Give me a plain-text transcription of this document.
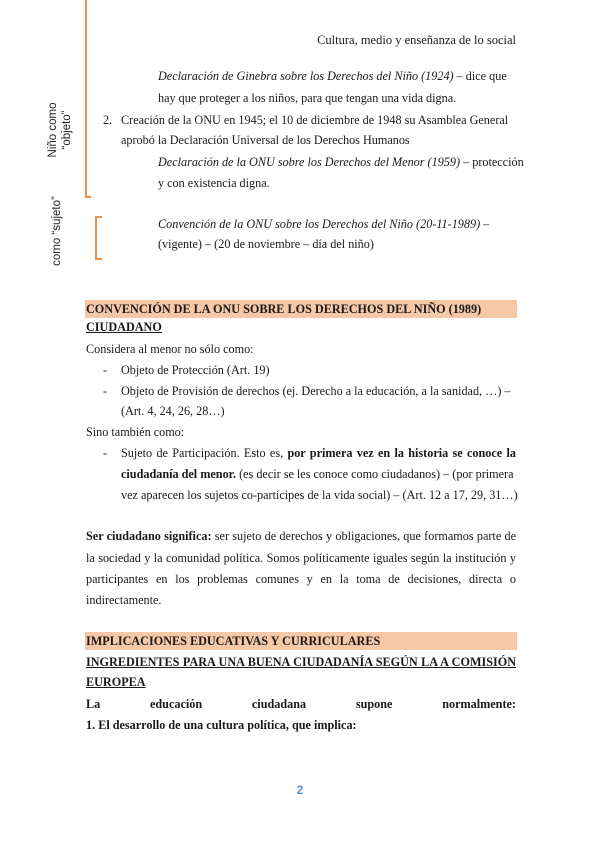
Cultura, medio y enseñanza de lo social
Niño como “objeto”
como “sujeto”
Declaración de Ginebra sobre los Derechos del Niño (1924) – dice que
hay que proteger a los niños, para que tengan una vida digna.
2. Creación de la ONU en 1945; el 10 de diciembre de 1948 su Asamblea General
aprobó la Declaración Universal de los Derechos Humanos
Declaración de la ONU sobre los Derechos del Menor (1959) – protección
y con existencia digna.
Convención de la ONU sobre los Derechos del Niño (20-11-1989) –
(vigente) – (20 de noviembre – día del niño)
CONVENCIÓN DE LA ONU SOBRE LOS DERECHOS DEL NIÑO (1989)
CIUDADANO
Considera al menor no sólo como:
- Objeto de Protección (Art. 19)
- Objeto de Provisión de derechos (ej. Derecho a la educación, a la sanidad, …) –
(Art. 4, 24, 26, 28…)
Sino también como:
- Sujeto de Participación. Esto es, por primera vez en la historia se conoce la
ciudadanía del menor. (es decir se les conoce como ciudadanos) – (por primera
vez aparecen los sujetos co-partícipes de la vida social) – (Art. 12 a 17, 29, 31…)
Ser ciudadano significa: ser sujeto de derechos y obligaciones, que formamos parte de
la sociedad y la comunidad política. Somos políticamente iguales según la institución y
participantes en los problemas comunes y en la toma de decisiones, directa o
indirectamente.
IMPLICACIONES EDUCATIVAS Y CURRICULARES
INGREDIENTES PARA UNA BUENA CIUDADANÍA SEGÚN LA A COMISIÓN
EUROPEA
La educación ciudadana supone normalmente:
1. El desarrollo de una cultura política, que implica:
2
